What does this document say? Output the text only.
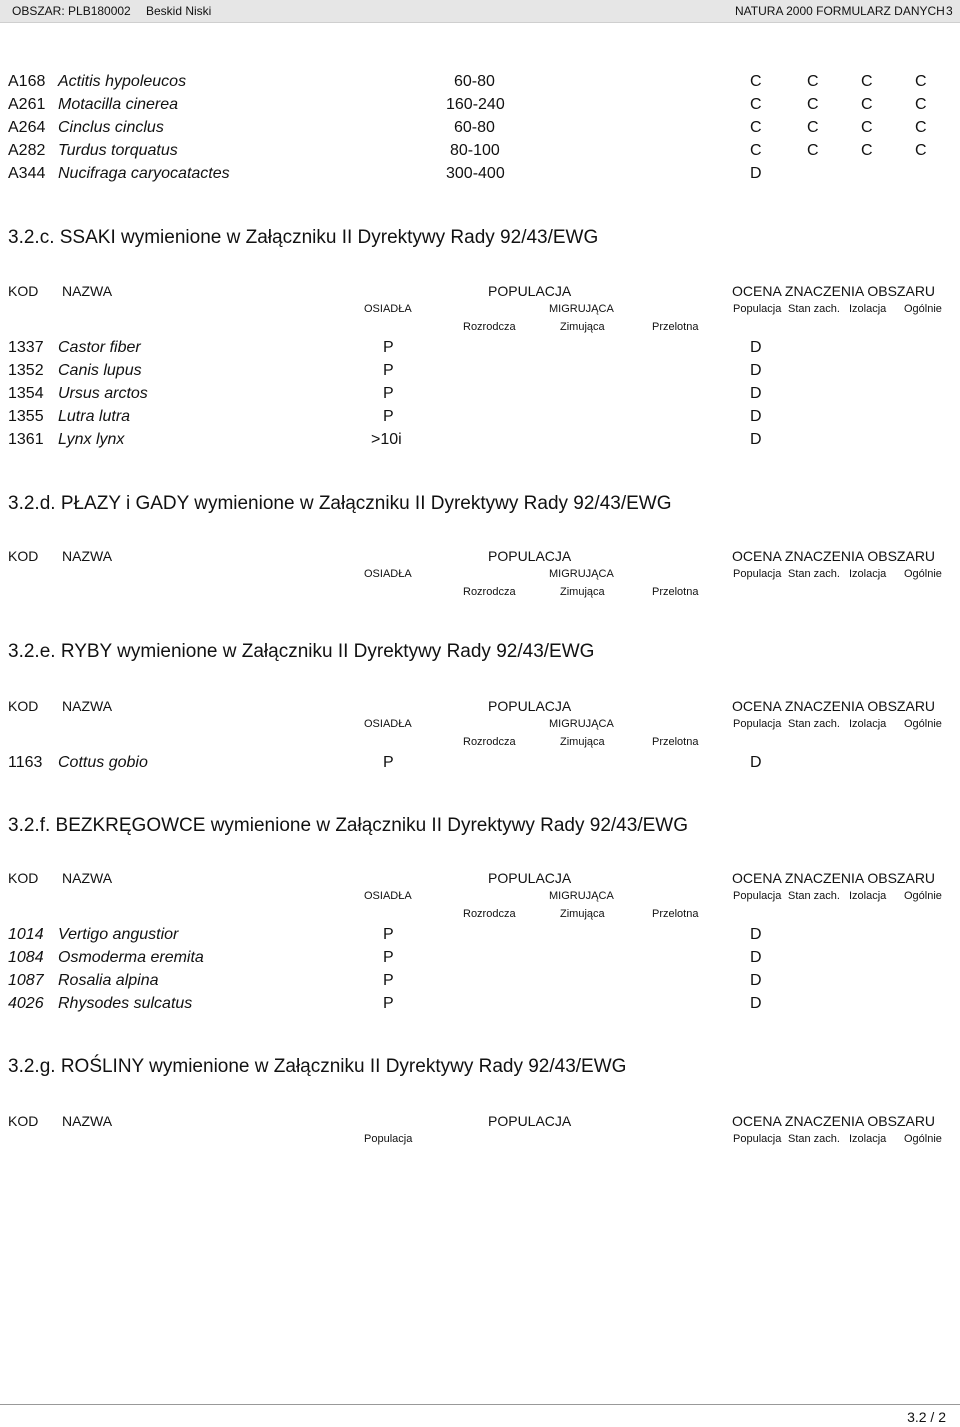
OBSZAR: PLB180002 Beskid Niski	NATURA 2000 FORMULARZ DANYCH 3
A168 Actitis hypoleucos	60-80	C	C	C	C
A261 Motacilla cinerea	160-240	C	C	C	C
A264 Cinclus cinclus	60-80	C	C	C	C
A282 Turdus torquatus	80-100	C	C	C	C
A344 Nucifraga caryocatactes	300-400	D
3.2.c. SSAKI wymienione w Załączniku II Dyrektywy Rady 92/43/EWG
KOD NAZWA	POPULACJA	OCENA ZNACZENIA OBSZARU
OSIADŁA	MIGRUJĄCA	Populacja Stan zach. Izolacja Ogólnie
Rozrodcza	Zimująca	Przelotna
1337 Castor fiber	P	D
1352 Canis lupus	P	D
1354 Ursus arctos	P	D
1355 Lutra lutra	P	D
1361 Lynx lynx	>10i	D
3.2.d. PŁAZY i GADY wymienione w Załączniku II Dyrektywy Rady 92/43/EWG
KOD NAZWA	POPULACJA	OCENA ZNACZENIA OBSZARU
OSIADŁA	MIGRUJĄCA	Populacja Stan zach. Izolacja Ogólnie
Rozrodcza	Zimująca	Przelotna
3.2.e. RYBY wymienione w Załączniku II Dyrektywy Rady 92/43/EWG
KOD NAZWA	POPULACJA	OCENA ZNACZENIA OBSZARU
OSIADŁA	MIGRUJĄCA	Populacja Stan zach. Izolacja Ogólnie
Rozrodcza	Zimująca	Przelotna
1163 Cottus gobio	P	D
3.2.f. BEZKRĘGOWCE wymienione w Załączniku II Dyrektywy Rady 92/43/EWG
KOD NAZWA	POPULACJA	OCENA ZNACZENIA OBSZARU
OSIADŁA	MIGRUJĄCA	Populacja Stan zach. Izolacja Ogólnie
Rozrodcza	Zimująca	Przelotna
1014 Vertigo angustior	P	D
1084 Osmoderma eremita	P	D
1087 Rosalia alpina	P	D
4026 Rhysodes sulcatus	P	D
3.2.g. ROŚLINY wymienione w Załączniku II Dyrektywy Rady 92/43/EWG
KOD NAZWA	POPULACJA	OCENA ZNACZENIA OBSZARU
Populacja	Populacja Stan zach. Izolacja Ogólnie
3.2 / 2
